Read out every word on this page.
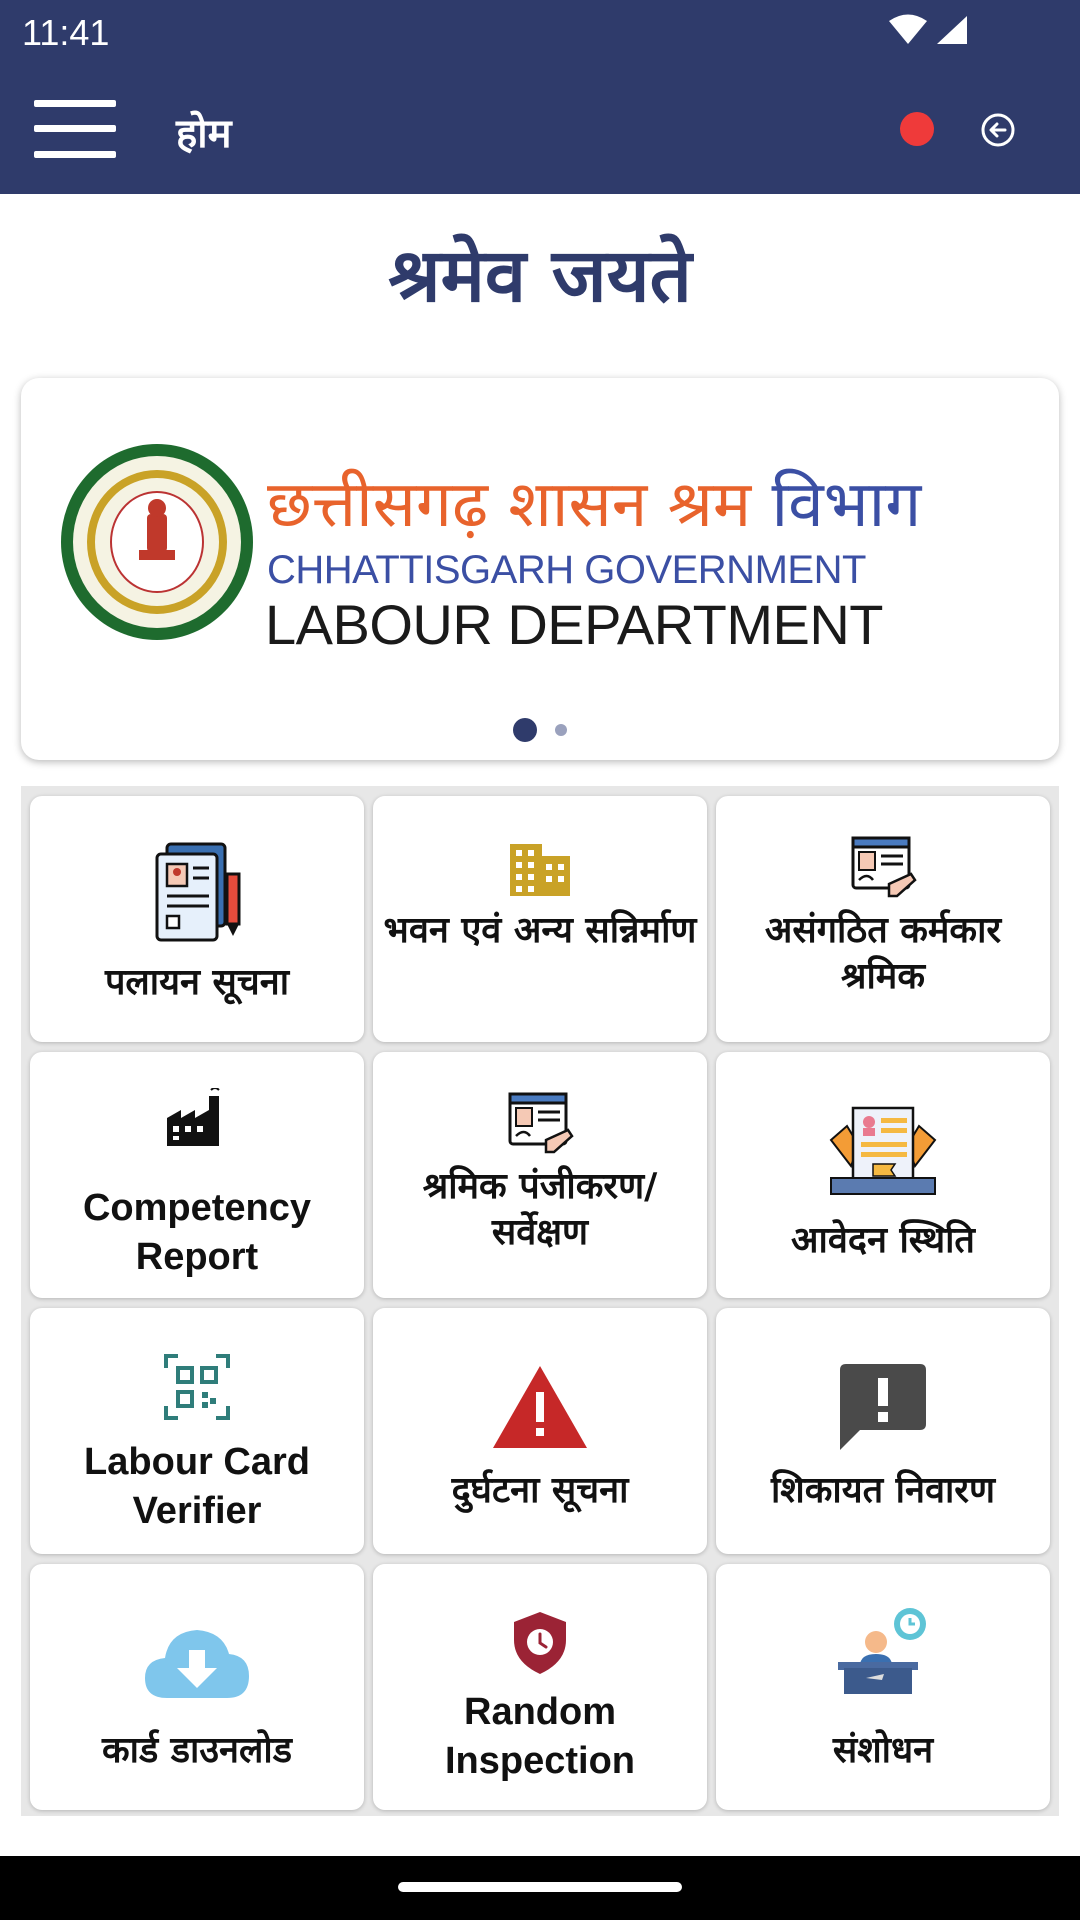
11:41
होम
श्रमेव जयते
छत्तीसगढ़ शासन श्रम विभाग
CHHATTISGARH GOVERNMENT
LABOUR DEPARTMENT
पलायन सूचना
भवन एवं अन्य सन्निर्माण	असंगठित कर्मकार श्रमिक
Competency Report
श्रमिक पंजीकरण/ सर्वेक्षण	आवेदन स्थिति
Labour Card Verifier	दुर्घटना सूचना	शिकायत निवारण
कार्ड डाउनलोड
Random Inspection	संशोधन
